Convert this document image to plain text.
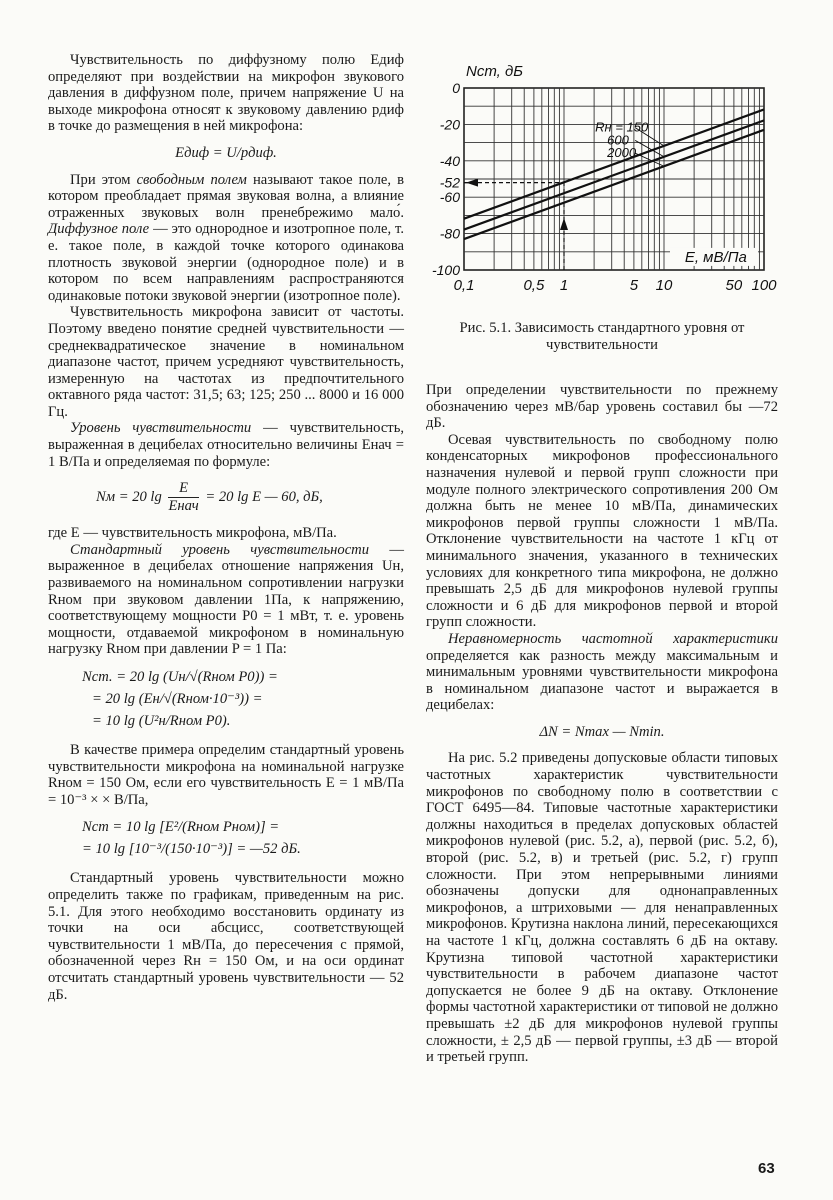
Чувствительность по диффузному полю Eдиф определяют при воздействии на микрофон звукового давления в диффузном поле, причем напряжение U на выходе микрофона относят к звуковому давлению pдиф в точке до размещения в ней микрофона:

Eдиф = U/pдиф.

При этом свободным полем называют такое поле, в котором преобладает прямая звуковая волна, а влияние отраженных звуковых волн пренебрежимо мало́. Диффузное поле — это однородное и изотропное поле, т. е. такое поле, в каждой точке которого одинакова плотность звуковой энергии (однородное поле) и в котором по всем направлениям распространяются одинаковые потоки звуковой энергии (изотропное поле).

Чувствительность микрофона зависит от частоты. Поэтому введено понятие средней чувствительности — среднеквадратическое значение в номинальном диапазоне частот, причем усредняют чувствительность, измеренную на частотах из предпочтительного октавного ряда частот: 31,5; 63; 125; 250 ... 8000 и 16 000 Гц.

Уровень чувствительности — чувствительность, выраженная в децибелах относительно величины Eнач = 1 В/Па и определяемая по формуле:

Nм = 20 $\lg \frac{E}{\text{Eнач}} = 20$ lg E — 60, дБ,

где E — чувствительность микрофона, мВ/Па.

Стандартный уровень чувствительности — выраженное в децибелах отношение напряжения Uн, развиваемого на номинальном сопротивлении нагрузки Rном при звуковом давлении 1Па, к напряжению, соответствующему мощности P0 = 1 мВт, т. е. уровень мощности, отдаваемой микрофоном в номинальную нагрузку Rном при давлении P = 1 Па:

Nст. = 20 lg (Uн/√(Rном P0)) =
= 20 lg (Eн/√(Rном·10⁻³)) =
= 10 lg (U²н/Rном P0).

В качестве примера определим стандартный уровень чувствительности микрофона на номинальной нагрузке Rном = 150 Ом, если его чувствительность E = 1 мВ/Па = 10⁻³ × × В/Па,

Nст = 10 lg [E²/(Rном Pном)] =
= 10 lg [10⁻³/(150·10⁻³)] = —52 дБ.

Стандартный уровень чувствительности можно определить также по графикам, приведенным на рис. 5.1. Для этого необходимо восстановить ординату из точки на оси абсцисс, соответствующей чувствительности 1 мВ/Па, до пересечения с прямой, обозначенной через Rн = 150 Ом, и на оси ординат отсчитать стандартный уровень чувствительности — 52 дБ.

0,1	0,5 1	5 10	50 100
0
-20
-40
-52
-60
-80
-100
Nст, дБ
E, мВ/Па
Rн = 150
600
2000
Рис. 5.1. Зависимость стандартного уровня от чувствительности

При определении чувствительности по прежнему обозначению через мВ/бар уровень составил бы —72 дБ.

Осевая чувствительность по свободному полю конденсаторных микрофонов профессионального назначения нулевой и первой групп сложности при модуле полного электрического сопротивления 200 Ом должна быть не менее 10 мВ/Па, динамических микрофонов первой группы сложности 1 мВ/Па. Отклонение чувствительности на частоте 1 кГц от минимального значения, указанного в технических условиях для конкретного типа микрофона, не должно превышать 2,5 дБ для микрофонов нулевой группы сложности и 6 дБ для микрофонов первой и второй групп сложности.

Неравномерность частотной характеристики определяется как разность между максимальным и минимальным уровнями чувствительности микрофона в номинальном диапазоне частот и выражается в децибелах:

ΔN = Nmax — Nmin.

На рис. 5.2 приведены допусковые области типовых частотных характеристик чувствительности микрофонов по свободному полю в соответствии с ГОСТ 6495—84. Типовые частотные характеристики должны находиться в пределах допусковых областей микрофонов нулевой (рис. 5.2, а), первой (рис. 5.2, б), второй (рис. 5.2, в) и третьей (рис. 5.2, г) групп сложности. При этом непрерывными линиями обозначены допуски для однонаправленных микрофонов, а штриховыми — для ненаправленных микрофонов. Крутизна наклона линий, пересекающихся на частоте 1 кГц, должна составлять 6 дБ на октаву. Крутизна типовой частотной характеристики чувствительности в рабочем диапазоне частот допускается не более 9 дБ на октаву. Отклонение формы частотной характеристики от типовой не должно превышать ±2 дБ для микрофонов нулевой группы сложности, ± 2,5 дБ — первой группы, ±3 дБ — второй и третьей групп.

63
